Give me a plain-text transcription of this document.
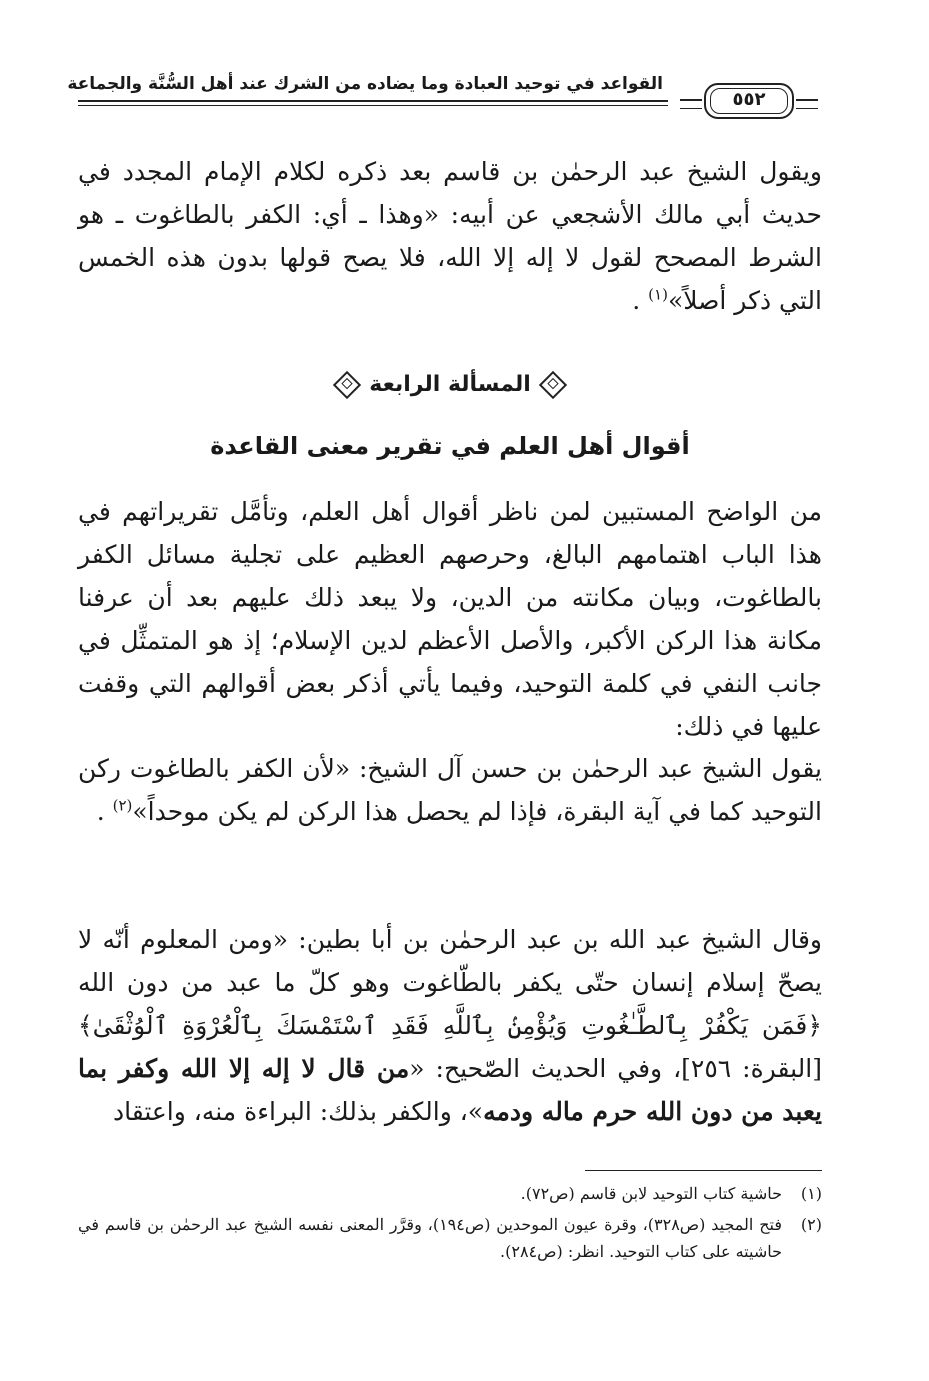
القواعد في توحيد العبادة وما يضاده من الشرك عند أهل السُّنَّة والجماعة
٥٥٢

ويقول الشيخ عبد الرحمٰن بن قاسم بعد ذكره لكلام الإمام المجدد في حديث أبي مالك الأشجعي عن أبيه: «وهذا ـ أي: الكفر بالطاغوت ـ هو الشرط المصحح لقول لا إله إلا الله، فلا يصح قولها بدون هذه الخمس التي ذكر أصلاً»$^{(١)}$ .

المسألة الرابعة
أقوال أهل العلم في تقرير معنى القاعدة

من الواضح المستبين لمن ناظر أقوال أهل العلم، وتأمَّل تقريراتهم في هذا الباب اهتمامهم البالغ، وحرصهم العظيم على تجلية مسائل الكفر بالطاغوت، وبيان مكانته من الدين، ولا يبعد ذلك عليهم بعد أن عرفنا مكانة هذا الركن الأكبر، والأصل الأعظم لدين الإسلام؛ إذ هو المتمثِّل في جانب النفي في كلمة التوحيد، وفيما يأتي أذكر بعض أقوالهم التي وقفت عليها في ذلك:

يقول الشيخ عبد الرحمٰن بن حسن آل الشيخ: «لأن الكفر بالطاغوت ركن التوحيد كما في آية البقرة، فإذا لم يحصل هذا الركن لم يكن موحداً»$^{(٢)}$ .

وقال الشيخ عبد الله بن عبد الرحمٰن بن أبا بطين: «ومن المعلوم أنّه لا يصحّ إسلام إنسان حتّى يكفر بالطّاغوت وهو كلّ ما عبد من دون الله ﴿فَمَن يَكْفُرْ بِٱلطَّـٰغُوتِ وَيُؤْمِنۢ بِٱللَّهِ فَقَدِ ٱسْتَمْسَكَ بِٱلْعُرْوَةِ ٱلْوُثْقَىٰ﴾ [البقرة: ٢٥٦]، وفي الحديث الصّحيح: «من قال لا إله إلا الله وكفر بما يعبد من دون الله حرم ماله ودمه»، والكفر بذلك: البراءة منه، واعتقاد

(١)
حاشية كتاب التوحيد لابن قاسم (ص٧٢).
(٢)
فتح المجيد (ص٣٢٨)، وقرة عيون الموحدين (ص١٩٤)، وقرَّر المعنى نفسه الشيخ عبد الرحمٰن بن قاسم في حاشيته على كتاب التوحيد. انظر: (ص٢٨٤).
